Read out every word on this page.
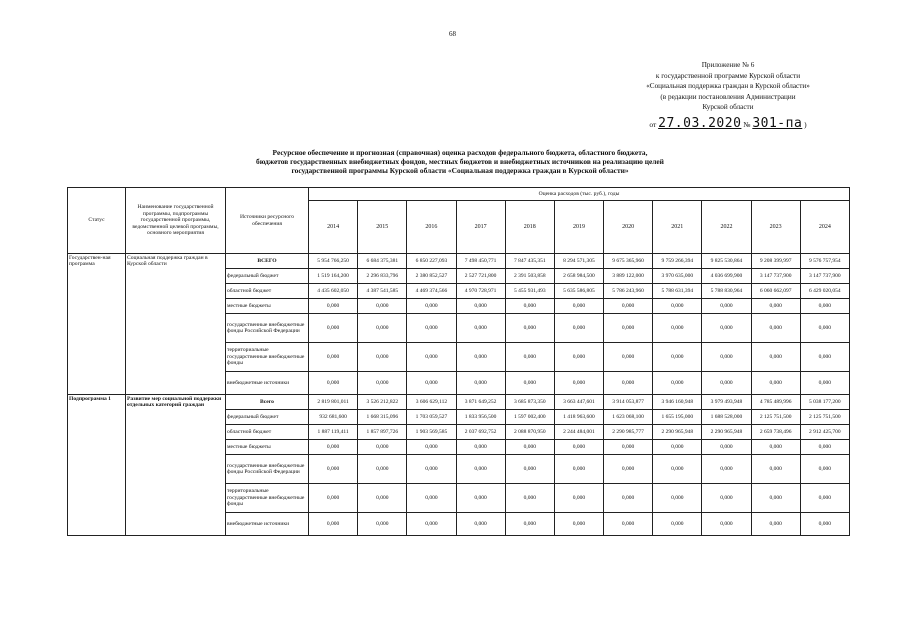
68
Приложение № 6
к государственной программе Курской области
«Социальная поддержка граждан в Курской области»
(в редакции постановления Администрации
Курской области
от 27.03.2020 № 301-па )
Ресурсное обеспечение и прогнозная (справочная) оценка расходов федерального бюджета, областного бюджета,
бюджетов государственных внебюджетных фондов, местных бюджетов и внебюджетных источников на реализацию целей
государственной программы Курской области «Социальная поддержка граждан в Курской области»
Статус	Наименование государственной программы, подпрограммы государственной программы, ведомственной целевой программы, основного мероприятия	Источники ресурсного обеспечения	Оценка расходов (тыс. руб.), годы										
			2014	2015	2016	2017	2018	2019	2020	2021	2022	2023	2024
Государствен-ная программа	Социальная поддержка граждан в Курской области	ВСЕГО	5 954 766,250	6 684 375,381	6 850 227,093	7 498 450,771	7 847 435,351	8 294 571,305	9 675 365,960	9 759 266,394	9 825 530,864	9 208 399,997	9 576 757,954
		федеральный бюджет	1 519 164,200	2 296 833,796	2 380 852,527	2 527 721,800	2 391 503,858	2 658 984,500	3 889 122,000	3 970 635,000	4 036 699,900	3 147 737,900	3 147 737,900
		областной бюджет	4 435 602,050	4 387 541,585	4 469 374,566	4 970 728,971	5 455 931,493	5 635 586,805	5 786 243,960	5 788 631,394	5 788 830,964	6 060 662,097	6 429 020,054
		местные бюджеты	0,000	0,000	0,000	0,000	0,000	0,000	0,000	0,000	0,000	0,000	0,000
		государственные внебюджетные фонды Российской Федерации	0,000	0,000	0,000	0,000	0,000	0,000	0,000	0,000	0,000	0,000	0,000
		территориальные государственные внебюджетные фонды	0,000	0,000	0,000	0,000	0,000	0,000	0,000	0,000	0,000	0,000	0,000
		внебюджетные источники	0,000	0,000	0,000	0,000	0,000	0,000	0,000	0,000	0,000	0,000	0,000
Подпрограмма 1	Развитие мер социальной поддержки отдельных категорий граждан	Всего	2 819 801,011	3 526 212,822	3 606 629,112	3 871 649,252	3 685 873,350	3 663 447,601	3 914 053,877	3 946 160,948	3 979 493,948	4 785 489,996	5 038 177,200
		федеральный бюджет	932 681,600	1 668 315,096	1 703 059,527	1 833 956,500	1 597 002,400	1 418 963,600	1 623 068,100	1 655 195,000	1 688 528,000	2 125 751,500	2 125 751,500
		областной бюджет	1 887 119,411	1 857 897,726	1 903 569,585	2 037 692,752	2 088 870,950	2 244 484,001	2 290 985,777	2 290 965,948	2 290 965,948	2 659 738,496	2 912 425,700
		местные бюджеты	0,000	0,000	0,000	0,000	0,000	0,000	0,000	0,000	0,000	0,000	0,000
		государственные внебюджетные фонды Российской Федерации	0,000	0,000	0,000	0,000	0,000	0,000	0,000	0,000	0,000	0,000	0,000
		территориальные государственные внебюджетные фонды	0,000	0,000	0,000	0,000	0,000	0,000	0,000	0,000	0,000	0,000	0,000
		внебюджетные источники	0,000	0,000	0,000	0,000	0,000	0,000	0,000	0,000	0,000	0,000	0,000
